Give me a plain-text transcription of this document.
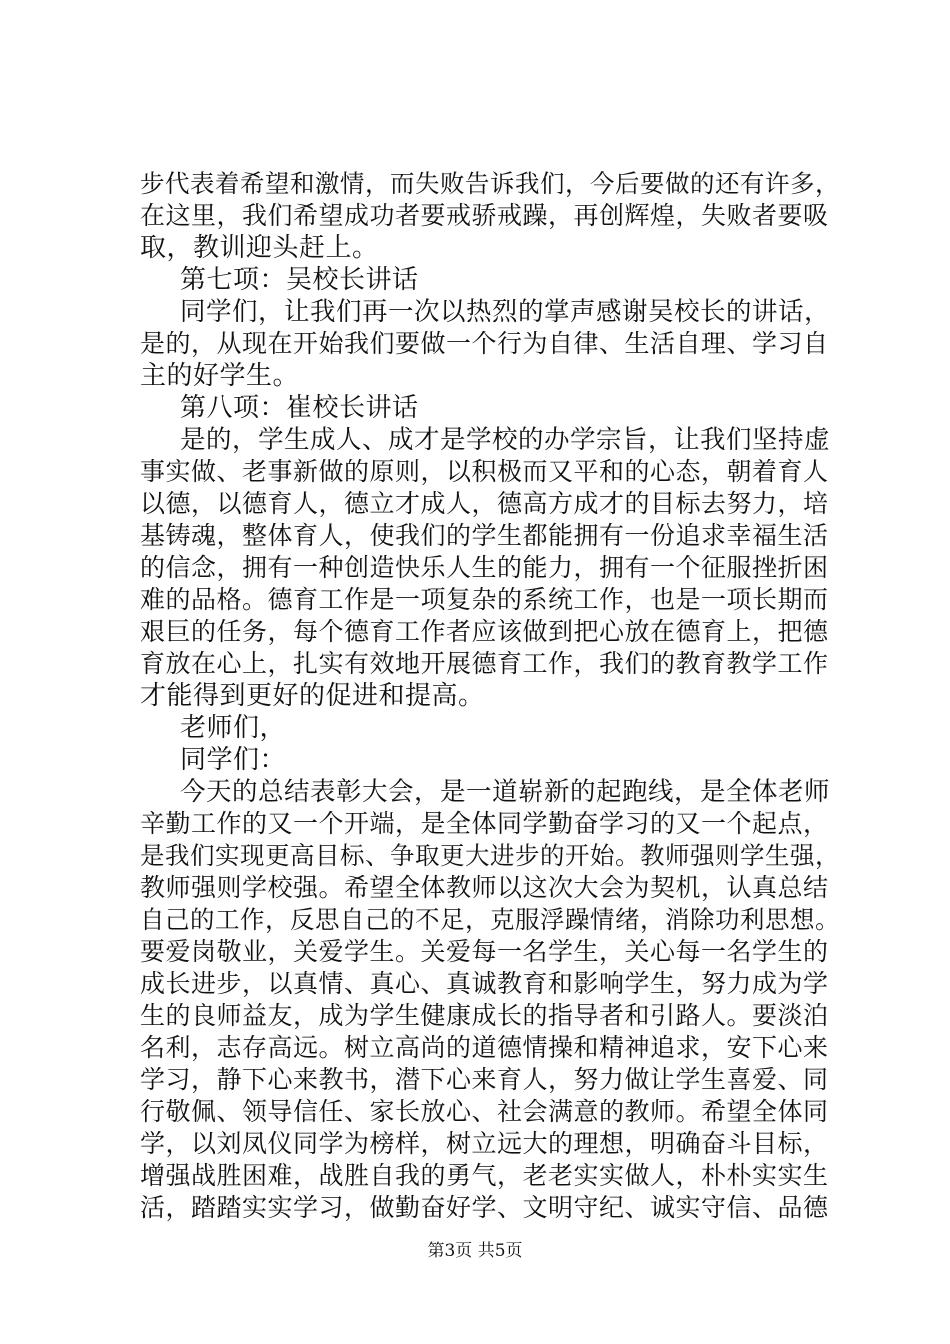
步代表着希望和激情，而失败告诉我们，今后要做的还有许多，
在这里，我们希望成功者要戒骄戒躁，再创辉煌，失败者要吸
取，教训迎头赶上。
第七项：吴校长讲话
同学们，让我们再一次以热烈的掌声感谢吴校长的讲话，
是的，从现在开始我们要做一个行为自律、生活自理、学习自
主的好学生。
第八项：崔校长讲话
是的，学生成人、成才是学校的办学宗旨，让我们坚持虚
事实做、老事新做的原则，以积极而又平和的心态，朝着育人
以德，以德育人，德立才成人，德高方成才的目标去努力，培
基铸魂，整体育人，使我们的学生都能拥有一份追求幸福生活
的信念，拥有一种创造快乐人生的能力，拥有一个征服挫折困
难的品格。德育工作是一项复杂的系统工作，也是一项长期而
艰巨的任务，每个德育工作者应该做到把心放在德育上，把德
育放在心上，扎实有效地开展德育工作，我们的教育教学工作
才能得到更好的促进和提高。
老师们，
同学们：
今天的总结表彰大会，是一道崭新的起跑线，是全体老师
辛勤工作的又一个开端，是全体同学勤奋学习的又一个起点，
是我们实现更高目标、争取更大进步的开始。教师强则学生强，
教师强则学校强。希望全体教师以这次大会为契机，认真总结
自己的工作，反思自己的不足，克服浮躁情绪，消除功利思想。
要爱岗敬业，关爱学生。关爱每一名学生，关心每一名学生的
成长进步，以真情、真心、真诚教育和影响学生，努力成为学
生的良师益友，成为学生健康成长的指导者和引路人。要淡泊
名利，志存高远。树立高尚的道德情操和精神追求，安下心来
学习，静下心来教书，潜下心来育人，努力做让学生喜爱、同
行敬佩、领导信任、家长放心、社会满意的教师。希望全体同
学，以刘凤仪同学为榜样，树立远大的理想，明确奋斗目标，
增强战胜困难，战胜自我的勇气，老老实实做人，朴朴实实生
活，踏踏实实学习，做勤奋好学、文明守纪、诚实守信、品德
第3页 共5页
